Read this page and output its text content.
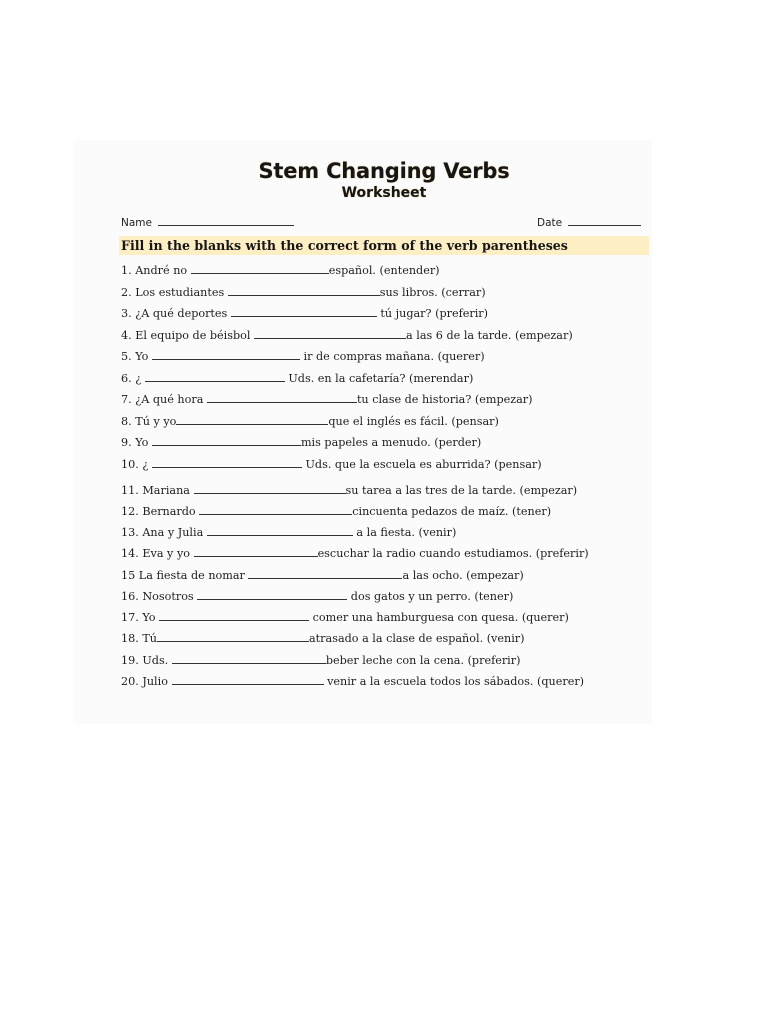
Stem Changing Verbs
Worksheet
Name	Date
Fill in the blanks with the correct form of the verb parentheses
1. André no	español. (entender)
2. Los estudiantes	sus libros. (cerrar)
3. ¿A qué deportes	tú jugar? (preferir)
4. El equipo de béisbol	a las 6 de la tarde. (empezar)
5. Yo	ir de compras mañana. (querer)
6. ¿	Uds. en la cafetaría? (merendar)
7. ¿A qué hora	tu clase de historia? (empezar)
8. Tú y yo	que el inglés es fácil. (pensar)
9. Yo	mis papeles a menudo. (perder)
10. ¿	Uds. que la escuela es aburrida? (pensar)
11. Mariana	su tarea a las tres de la tarde. (empezar)
12. Bernardo	cincuenta pedazos de maíz. (tener)
13. Ana y Julia	a la fiesta. (venir)
14. Eva y yo	escuchar la radio cuando estudiamos. (preferir)
15 La fiesta de nomar	a las ocho. (empezar)
16. Nosotros	dos gatos y un perro. (tener)
17. Yo	comer una hamburguesa con quesa. (querer)
18. Tú	atrasado a la clase de español. (venir)
19. Uds.	beber leche con la cena. (preferir)
20. Julio	venir a la escuela todos los sábados. (querer)
